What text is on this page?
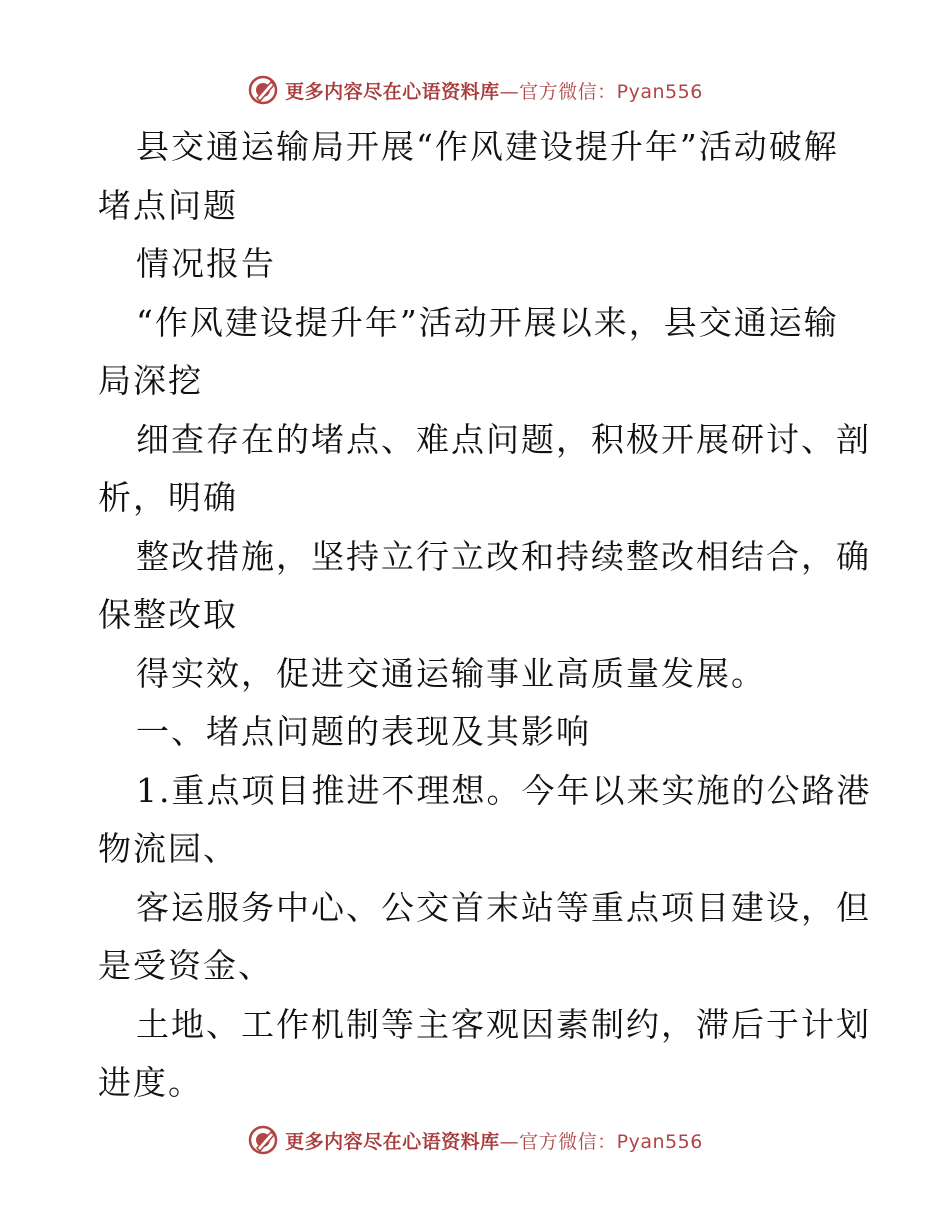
更多内容尽在心语资料库—官方微信：Pyan556
县交通运输局开展“作风建设提升年”活动破解
堵点问题
情况报告
“作风建设提升年”活动开展以来，县交通运输
局深挖
细查存在的堵点、难点问题，积极开展研讨、剖
析，明确
整改措施，坚持立行立改和持续整改相结合，确
保整改取
得实效，促进交通运输事业高质量发展。
一、堵点问题的表现及其影响
1.重点项目推进不理想。今年以来实施的公路港
物流园、
客运服务中心、公交首末站等重点项目建设，但
是受资金、
土地、工作机制等主客观因素制约，滞后于计划
进度。
更多内容尽在心语资料库—官方微信：Pyan556
